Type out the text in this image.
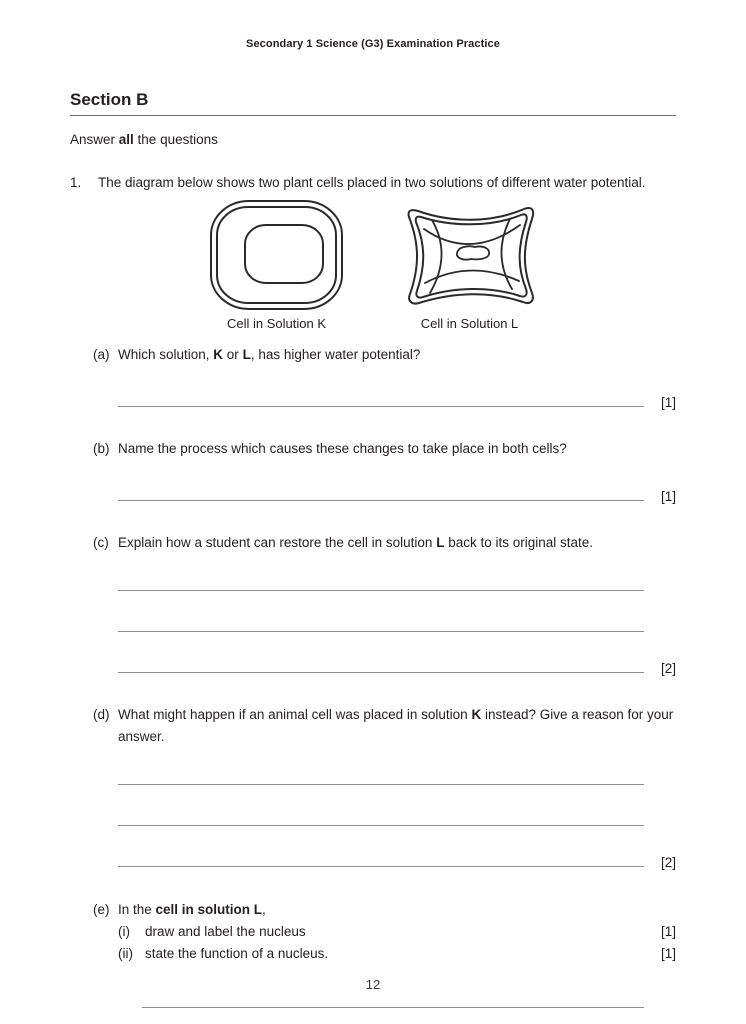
Secondary 1 Science (G3) Examination Practice
Section B
Answer all the questions
1.	The diagram below shows two plant cells placed in two solutions of different water potential.
Cell in Solution K	Cell in Solution L
(a) Which solution, K or L, has higher water potential?
[1]
(b) Name the process which causes these changes to take place in both cells?
[1]
(c) Explain how a student can restore the cell in solution L back to its original state.
[2]
(d) What might happen if an animal cell was placed in solution K instead? Give a reason for your answer.
[2]
(e) In the cell in solution L,
(i)	draw and label the nucleus	[1]
(ii) state the function of a nucleus.	[1]
12
